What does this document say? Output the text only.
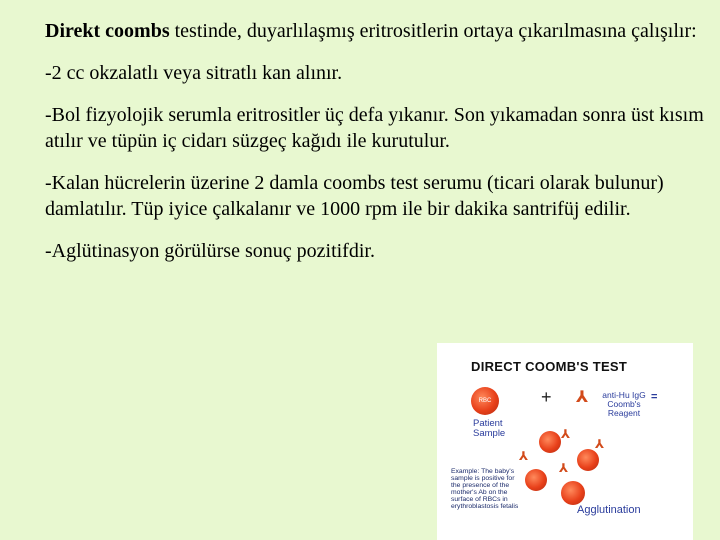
Direkt coombs testinde, duyarlılaşmış eritrositlerin ortaya çıkarılmasına çalışılır:

-2 cc okzalatlı veya sitratlı kan alınır.

-Bol fizyolojik serumla eritrositler üç defa yıkanır. Son yıkamadan sonra üst kısım atılır ve tüpün iç cidarı süzgeç kağıdı ile kurutulur.

-Kalan hücrelerin üzerine 2 damla coombs test serumu (ticari olarak bulunur) damlatılır. Tüp iyice çalkalanır ve 1000 rpm ile bir dakika santrifüj edilir.

-Aglütinasyon görülürse sonuç pozitifdir.

DIRECT COOMB'S TEST
RBC
Patient Sample
+ ⅄	anti-Hu IgG Coomb's Reagent
=
⅄
⅄
⅄
⅄
Example: The baby's sample is positive for the presence of the mother's Ab on the surface of RBCs in erythroblastosis fetalis	Agglutination
